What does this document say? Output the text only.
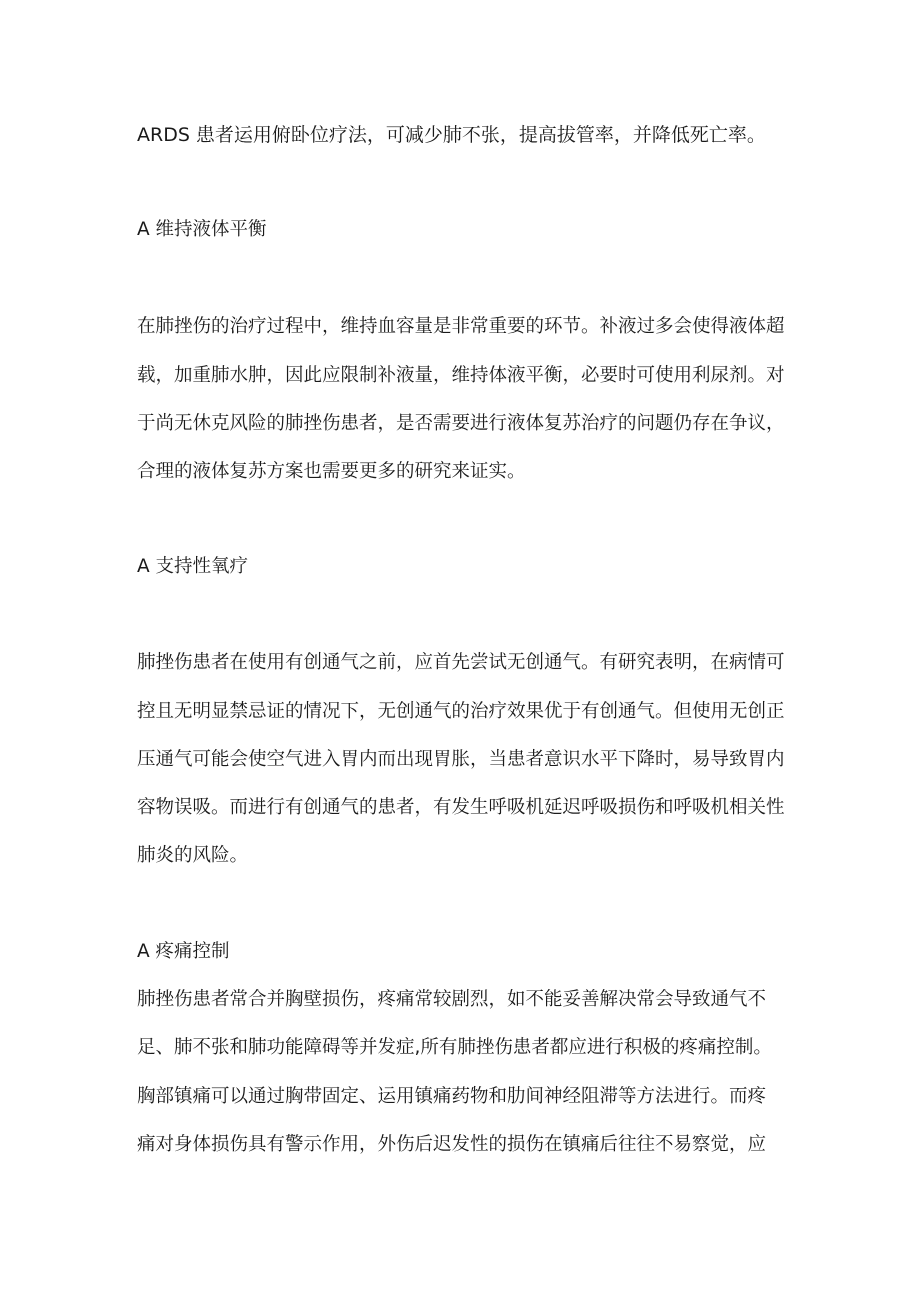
ARDS 患者运用俯卧位疗法，可减少肺不张，提高拔管率，并降低死亡率。
A 维持液体平衡
在肺挫伤的治疗过程中，维持血容量是非常重要的环节。补液过多会使得液体超
载，加重肺水肿，因此应限制补液量，维持体液平衡，必要时可使用利尿剂。对
于尚无休克风险的肺挫伤患者，是否需要进行液体复苏治疗的问题仍存在争议，
合理的液体复苏方案也需要更多的研究来证实。
A 支持性氧疗
肺挫伤患者在使用有创通气之前，应首先尝试无创通气。有研究表明，在病情可
控且无明显禁忌证的情况下，无创通气的治疗效果优于有创通气。但使用无创正
压通气可能会使空气进入胃内而出现胃胀，当患者意识水平下降时，易导致胃内
容物误吸。而进行有创通气的患者，有发生呼吸机延迟呼吸损伤和呼吸机相关性
肺炎的风险。
A 疼痛控制
肺挫伤患者常合并胸壁损伤，疼痛常较剧烈，如不能妥善解决常会导致通气不
足、肺不张和肺功能障碍等并发症,所有肺挫伤患者都应进行积极的疼痛控制。
胸部镇痛可以通过胸带固定、运用镇痛药物和肋间神经阻滞等方法进行。而疼
痛对身体损伤具有警示作用，外伤后迟发性的损伤在镇痛后往往不易察觉，应
